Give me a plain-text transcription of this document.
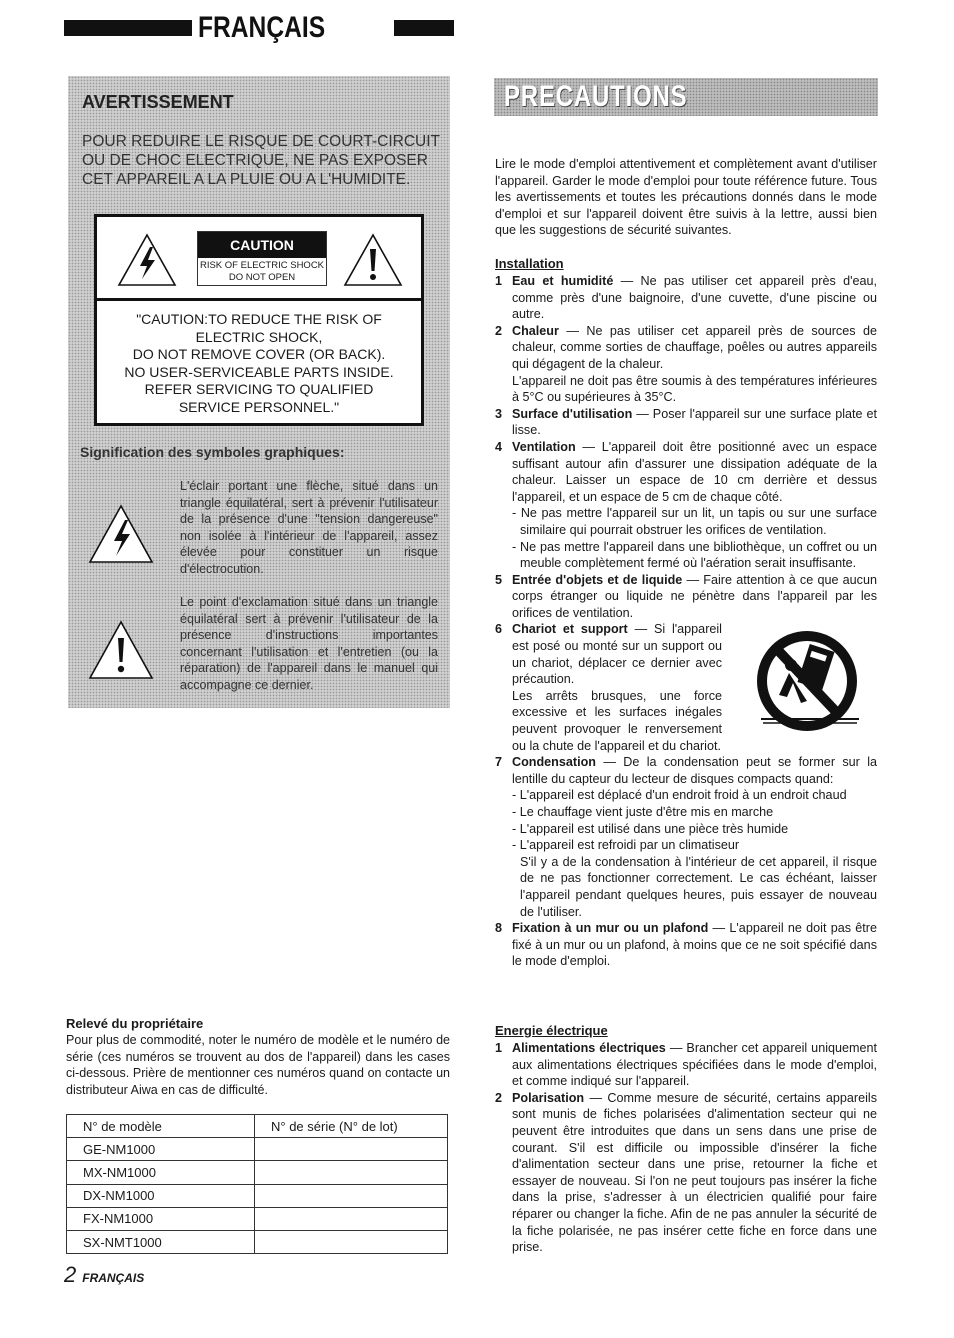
FRANÇAIS
AVERTISSEMENT
POUR REDUIRE LE RISQUE DE COURT-CIRCUIT OU DE CHOC ELECTRIQUE, NE PAS EXPOSER CET APPAREIL A LA PLUIE OU A L'HUMIDITE.
CAUTION
RISK OF ELECTRIC SHOCK
DO NOT OPEN
"CAUTION:TO REDUCE THE RISK OF
ELECTRIC SHOCK,
DO NOT REMOVE COVER (OR BACK).
NO USER-SERVICEABLE PARTS INSIDE.
REFER SERVICING TO QUALIFIED
SERVICE PERSONNEL."
Signification des symboles graphiques:
L'éclair portant une flèche, situé dans un triangle équilatéral, sert à prévenir l'utilisateur de la présence d'une "tension dangereuse" non isolée à l'intérieur de l'appareil, assez élevée pour constituer un risque d'électrocution.
Le point d'exclamation situé dans un triangle équilatéral sert à prévenir l'utilisateur de la présence d'instructions importantes concernant l'utilisation et l'entretien (ou la réparation) de l'appareil dans le manuel qui accompagne ce dernier.
Relevé du propriétaire
Pour plus de commodité, noter le numéro de modèle et le numéro de série (ces numéros se trouvent au dos de l'appareil) dans les cases ci-dessous. Prière de mentionner ces numéros quand on contacte un distributeur Aiwa en cas de difficulté.
N° de modèle	N° de série (N° de lot)
GE-NM1000	
MX-NM1000	
DX-NM1000	
FX-NM1000	
SX-NMT1000	
2 FRANÇAIS
PRECAUTIONS
Lire le mode d'emploi attentivement et complètement avant d'utiliser l'appareil. Garder le mode d'emploi pour toute référence future. Tous les avertissements et toutes les précautions donnés dans le mode d'emploi et sur l'appareil doivent être suivis à la lettre, aussi bien que les suggestions de sécurité suivantes.
Installation
1 Eau et humidité — Ne pas utiliser cet appareil près d'eau, comme près d'une baignoire, d'une cuvette, d'une piscine ou autre.

2 Chaleur — Ne pas utiliser cet appareil près de sources de chaleur, comme sorties de chauffage, poêles ou autres appareils qui dégagent de la chaleur.

L'appareil ne doit pas être soumis à des températures inférieures à 5°C ou supérieures à 35°C.

3 Surface d'utilisation — Poser l'appareil sur une surface plate et lisse.

4 Ventilation — L'appareil doit être positionné avec un espace suffisant autour afin d'assurer une dissipation adéquate de la chaleur. Laisser un espace de 10 cm derrière et dessus l'appareil, et un espace de 5 cm de chaque côté.

- Ne pas mettre l'appareil sur un lit, un tapis ou sur une surface similaire qui pourrait obstruer les orifices de ventilation.

- Ne pas mettre l'appareil dans une bibliothèque, un coffret ou un meuble complètement fermé où l'aération serait insuffisante.

5 Entrée d'objets et de liquide — Faire attention à ce que aucun corps étranger ou liquide ne pénètre dans l'appareil par les orifices de ventilation.

6 Chariot et support — Si l'appareil est posé ou monté sur un support ou un chariot, déplacer ce dernier avec précaution.

Les arrêts brusques, une force excessive et les surfaces inégales peuvent provoquer le renversement ou la chute de l'appareil et du chariot.

7 Condensation — De la condensation peut se former sur la lentille du capteur du lecteur de disques compacts quand:

- L'appareil est déplacé d'un endroit froid à un endroit chaud

- Le chauffage vient juste d'être mis en marche

- L'appareil est utilisé dans une pièce très humide

- L'appareil est refroidi par un climatiseur

S'il y a de la condensation à l'intérieur de cet appareil, il risque de ne pas fonctionner correctement. Le cas échéant, laisser l'appareil pendant quelques heures, puis essayer de nouveau de l'utiliser.

8 Fixation à un mur ou un plafond — L'appareil ne doit pas être fixé à un mur ou un plafond, à moins que ce ne soit spécifié dans le mode d'emploi.

Energie électrique
1 Alimentations électriques — Brancher cet appareil uniquement aux alimentations électriques spécifiées dans le mode d'emploi, et comme indiqué sur l'appareil.

2 Polarisation — Comme mesure de sécurité, certains appareils sont munis de fiches polarisées d'alimentation secteur qui ne peuvent être introduites que dans un sens dans une prise de courant. S'il est difficile ou impossible d'insérer la fiche d'alimentation secteur dans une prise, retourner la fiche et essayer de nouveau. Si l'on ne peut toujours pas insérer la fiche dans la prise, s'adresser à un électricien qualifié pour faire réparer ou changer la fiche. Afin de ne pas annuler la sécurité de la fiche polarisée, ne pas insérer cette fiche en force dans une prise.
